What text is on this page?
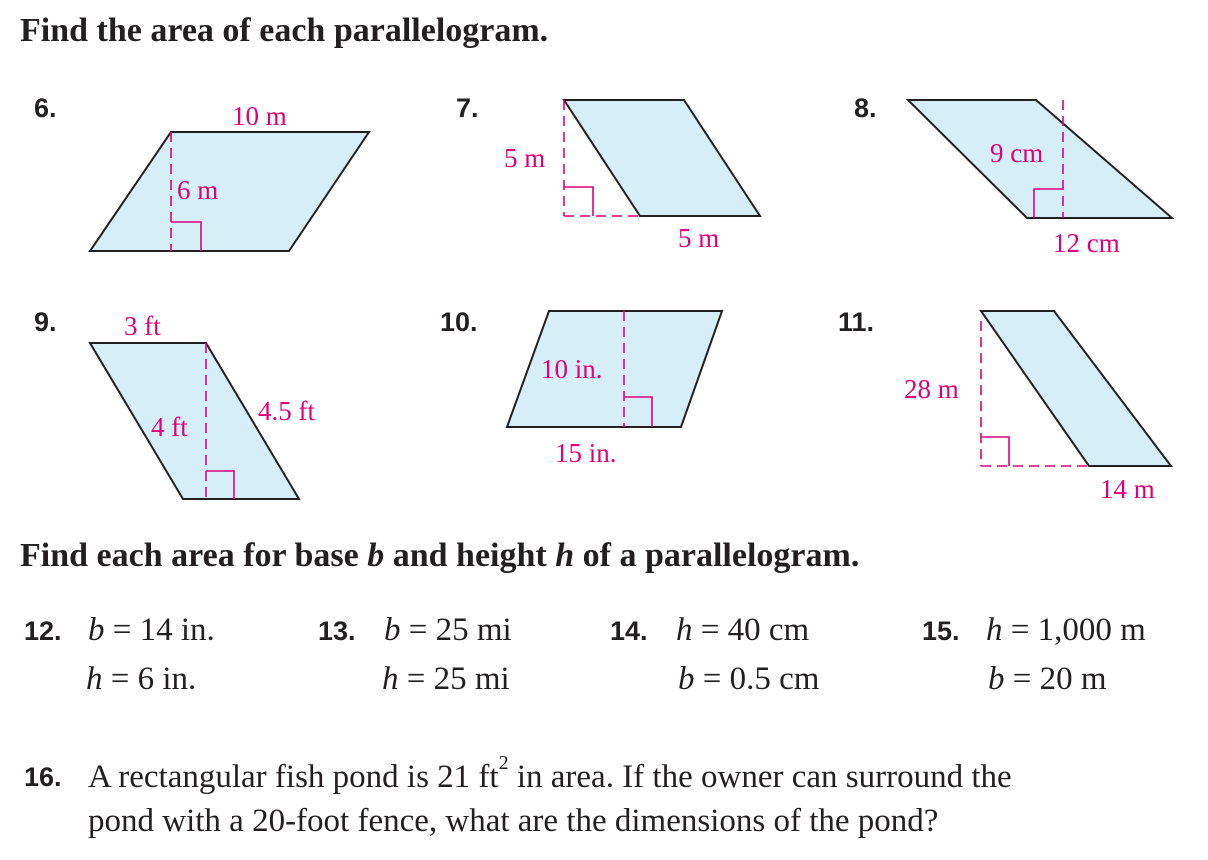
Find the area of each parallelogram.
6.	10 m
6 m
7.
5 m
5 m
8.
9 cm
12 cm
9. 3 ft
4 ft
4.5 ft
10.
10 in.
15 in.
11.
28 m
14 m
Find each area for base b and height h of a parallelogram.
12. b = 14 in.
h = 6 in.
13. b = 25 mi
h = 25 mi
14. h = 40 cm
b = 0.5 cm
15. h = 1,000 m
b = 20 m
16. A rectangular fish pond is 21 $ft^2$ in area. If the owner can surround the
pond with a 20-foot fence, what are the dimensions of the pond?
